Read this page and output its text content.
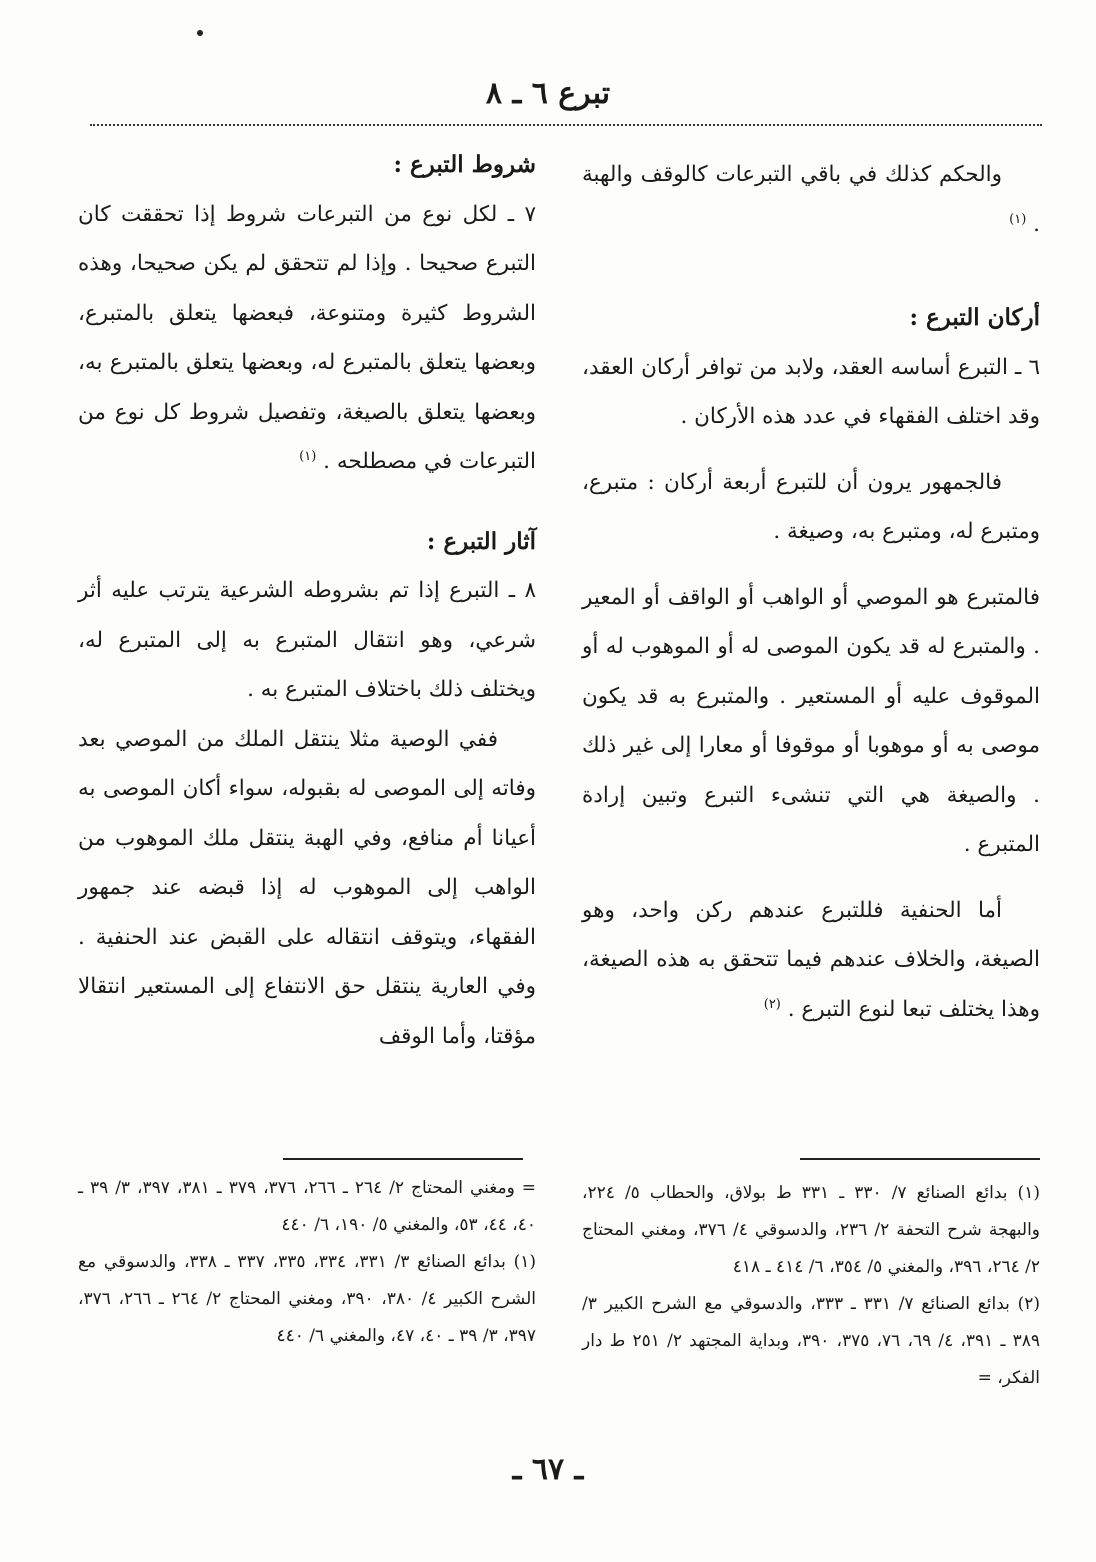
تبرع ٦ ـ ٨

والحكم كذلك في باقي التبرعات كالوقف والهبة . $^{(١)}$

أركان التبرع :

٦ ـ التبرع أساسه العقد، ولابد من توافر أركان العقد، وقد اختلف الفقهاء في عدد هذه الأركان .

فالجمهور يرون أن للتبرع أربعة أركان : متبرع، ومتبرع له، ومتبرع به، وصيغة .

فالمتبرع هو الموصي أو الواهب أو الواقف أو المعير . والمتبرع له قد يكون الموصى له أو الموهوب له أو الموقوف عليه أو المستعير . والمتبرع به قد يكون موصى به أو موهوبا أو موقوفا أو معارا إلى غير ذلك . والصيغة هي التي تنشىء التبرع وتبين إرادة المتبرع .

أما الحنفية فللتبرع عندهم ركن واحد، وهو الصيغة، والخلاف عندهم فيما تتحقق به هذه الصيغة، وهذا يختلف تبعا لنوع التبرع . $^{(٢)}$

شروط التبرع :

٧ ـ لكل نوع من التبرعات شروط إذا تحققت كان التبرع صحيحا . وإذا لم تتحقق لم يكن صحيحا، وهذه الشروط كثيرة ومتنوعة، فبعضها يتعلق بالمتبرع، وبعضها يتعلق بالمتبرع له، وبعضها يتعلق بالمتبرع به، وبعضها يتعلق بالصيغة، وتفصيل شروط كل نوع من التبرعات في مصطلحه . $^{(١)}$

آثار التبرع :

٨ ـ التبرع إذا تم بشروطه الشرعية يترتب عليه أثر شرعي، وهو انتقال المتبرع به إلى المتبرع له، ويختلف ذلك باختلاف المتبرع به .

ففي الوصية مثلا ينتقل الملك من الموصي بعد وفاته إلى الموصى له بقبوله، سواء أكان الموصى به أعيانا أم منافع، وفي الهبة ينتقل ملك الموهوب من الواهب إلى الموهوب له إذا قبضه عند جمهور الفقهاء، ويتوقف انتقاله على القبض عند الحنفية . وفي العارية ينتقل حق الانتفاع إلى المستعير انتقالا مؤقتا، وأما الوقف

(١) بدائع الصنائع ٧/ ٣٣٠ ـ ٣٣١ ط بولاق، والحطاب ٥/ ٢٢٤، والبهجة شرح التحفة ٢/ ٢٣٦، والدسوقي ٤/ ٣٧٦، ومغني المحتاج ٢/ ٢٦٤، ٣٩٦، والمغني ٥/ ٣٥٤، ٦/ ٤١٤ ـ ٤١٨

(٢) بدائع الصنائع ٧/ ٣٣١ ـ ٣٣٣، والدسوقي مع الشرح الكبير ٣/ ٣٨٩ ـ ٣٩١، ٤/ ٦٩، ٧٦، ٣٧٥، ٣٩٠، وبداية المجتهد ٢/ ٢٥١ ط دار الفكر، =

= ومغني المحتاج ٢/ ٢٦٤ ـ ٢٦٦، ٣٧٦، ٣٧٩ ـ ٣٨١، ٣٩٧، ٣/ ٣٩ ـ ٤٠، ٤٤، ٥٣، والمغني ٥/ ١٩٠، ٦/ ٤٤٠

(١) بدائع الصنائع ٣/ ٣٣١، ٣٣٤، ٣٣٥، ٣٣٧ ـ ٣٣٨، والدسوقي مع الشرح الكبير ٤/ ٣٨٠، ٣٩٠، ومغني المحتاج ٢/ ٢٦٤ ـ ٢٦٦، ٣٧٦، ٣٩٧، ٣/ ٣٩ ـ ٤٠، ٤٧، والمغني ٦/ ٤٤٠

ـ ٦٧ ـ
